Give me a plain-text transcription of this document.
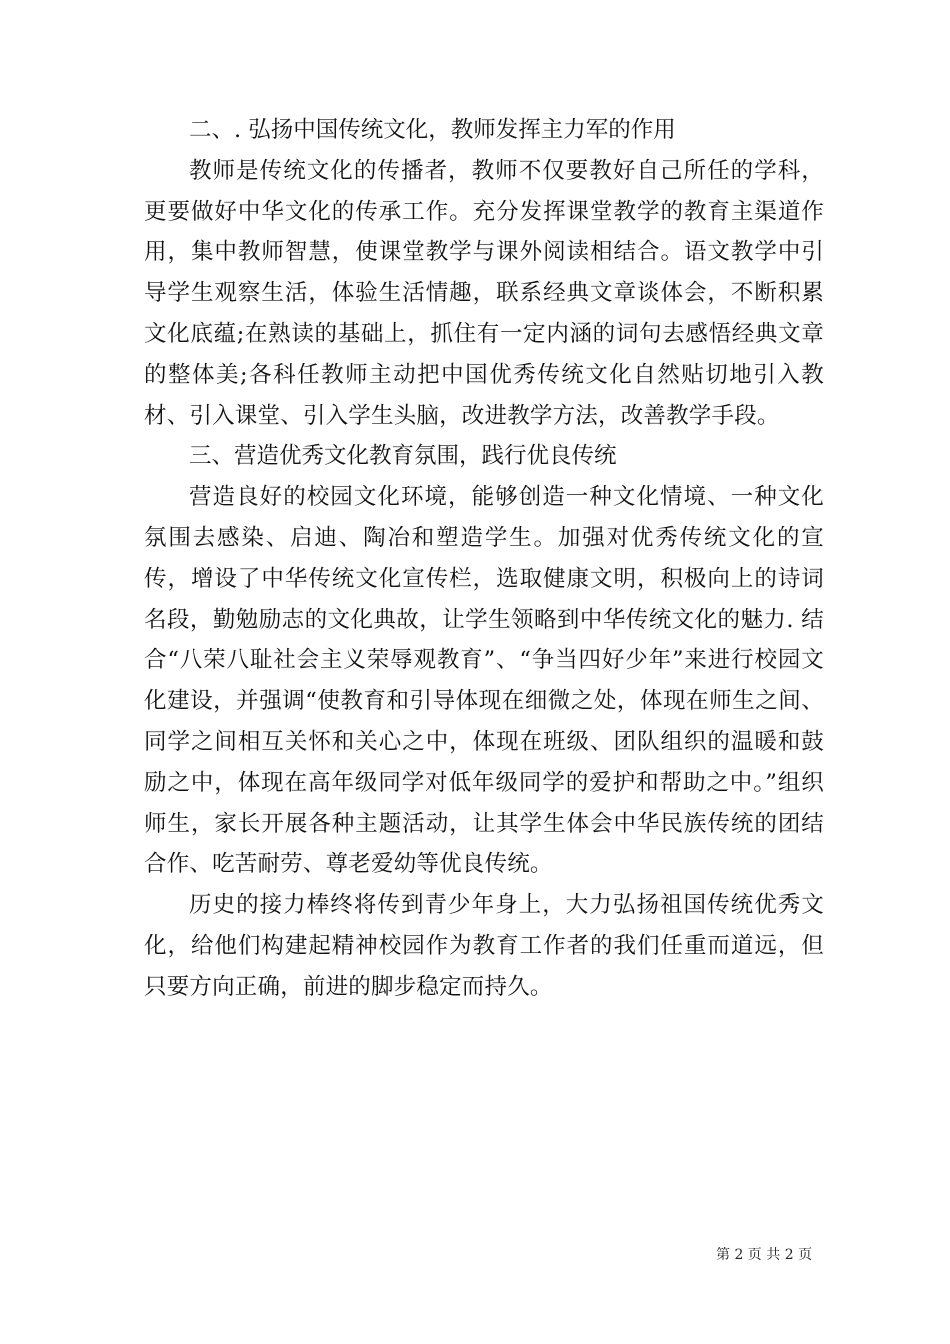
二、. 弘扬中国传统文化，教师发挥主力军的作用

教师是传统文化的传播者，教师不仅要教好自己所任的学科，更要做好中华文化的传承工作。充分发挥课堂教学的教育主渠道作用，集中教师智慧，使课堂教学与课外阅读相结合。语文教学中引导学生观察生活，体验生活情趣，联系经典文章谈体会，不断积累文化底蕴;在熟读的基础上，抓住有一定内涵的词句去感悟经典文章的整体美;各科任教师主动把中国优秀传统文化自然贴切地引入教材、引入课堂、引入学生头脑，改进教学方法，改善教学手段。

三、营造优秀文化教育氛围，践行优良传统

营造良好的校园文化环境，能够创造一种文化情境、一种文化氛围去感染、启迪、陶冶和塑造学生。加强对优秀传统文化的宣传，增设了中华传统文化宣传栏，选取健康文明，积极向上的诗词名段，勤勉励志的文化典故，让学生领略到中华传统文化的魅力. 结合“八荣八耻社会主义荣辱观教育”、“争当四好少年”来进行校园文化建设，并强调“使教育和引导体现在细微之处，体现在师生之间、同学之间相互关怀和关心之中，体现在班级、团队组织的温暖和鼓励之中，体现在高年级同学对低年级同学的爱护和帮助之中。”组织师生，家长开展各种主题活动，让其学生体会中华民族传统的团结合作、吃苦耐劳、尊老爱幼等优良传统。

历史的接力棒终将传到青少年身上，大力弘扬祖国传统优秀文化，给他们构建起精神校园作为教育工作者的我们任重而道远，但只要方向正确，前进的脚步稳定而持久。

第 2 页 共 2 页
